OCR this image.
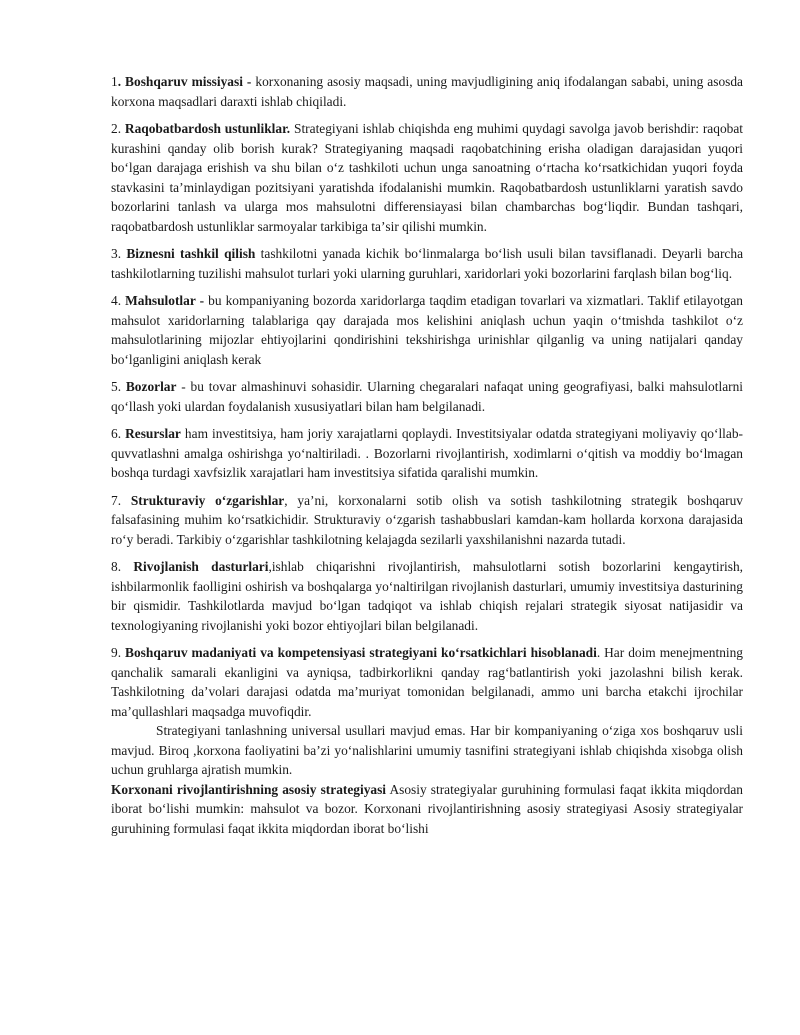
1. Boshqaruv missiyasi - korxonaning asosiy maqsadi, uning mavjudligining aniq ifodalangan sababi, uning asosda korxona maqsadlari daraxti ishlab chiqiladi.

2. Raqobatbardosh ustunliklar. Strategiyani ishlab chiqishda eng muhimi quydagi savolga javob berishdir: raqobat kurashini qanday olib borish kurak? Strategiyaning maqsadi raqobatchining erisha oladigan darajasidan yuqori boʻlgan darajaga erishish va shu bilan oʻz tashkiloti uchun unga sanoatning oʻrtacha koʻrsatkichidan yuqori foyda stavkasini taʼminlaydigan pozitsiyani yaratishda ifodalanishi mumkin. Raqobatbardosh ustunliklarni yaratish savdo bozorlarini tanlash va ularga mos mahsulotni differensiayasi bilan chambarchas bogʻliqdir. Bundan tashqari, raqobatbardosh ustunliklar sarmoyalar tarkibiga taʼsir qilishi mumkin.

3. Biznesni tashkil qilish tashkilotni yanada kichik boʻlinmalarga boʻlish usuli bilan tavsiflanadi. Deyarli barcha tashkilotlarning tuzilishi mahsulot turlari yoki ularning guruhlari, xaridorlari yoki bozorlarini farqlash bilan bogʻliq.

4. Mahsulotlar - bu kompaniyaning bozorda xaridorlarga taqdim etadigan tovarlari va xizmatlari. Taklif etilayotgan mahsulot xaridorlarning talablariga qay darajada mos kelishini aniqlash uchun yaqin oʻtmishda tashkilot oʻz mahsulotlarining mijozlar ehtiyojlarini qondirishini tekshirishga urinishlar qilganlig va uning natijalari qanday boʻlganligini aniqlash kerak

5. Bozorlar - bu tovar almashinuvi sohasidir. Ularning chegaralari nafaqat uning geografiyasi, balki mahsulotlarni qoʻllash yoki ulardan foydalanish xususiyatlari bilan ham belgilanadi.

6. Resurslar ham investitsiya, ham joriy xarajatlarni qoplaydi. Investitsiyalar odatda strategiyani moliyaviy qoʻllab-quvvatlashni amalga oshirishga yoʻnaltiriladi. . Bozorlarni rivojlantirish, xodimlarni oʻqitish va moddiy boʻlmagan boshqa turdagi xavfsizlik xarajatlari ham investitsiya sifatida qaralishi mumkin.

7. Strukturaviy oʻzgarishlar, yaʼni, korxonalarni sotib olish va sotish tashkilotning strategik boshqaruv falsafasining muhim koʻrsatkichidir. Strukturaviy oʻzgarish tashabbuslari kamdan-kam hollarda korxona darajasida roʻy beradi. Tarkibiy oʻzgarishlar tashkilotning kelajagda sezilarli yaxshilanishni nazarda tutadi.

8. Rivojlanish dasturlari,ishlab chiqarishni rivojlantirish, mahsulotlarni sotish bozorlarini kengaytirish, ishbilarmonlik faolligini oshirish va boshqalarga yoʻnaltirilgan rivojlanish dasturlari, umumiy investitsiya dasturining bir qismidir. Tashkilotlarda mavjud boʻlgan tadqiqot va ishlab chiqish rejalari strategik siyosat natijasidir va texnologiyaning rivojlanishi yoki bozor ehtiyojlari bilan belgilanadi.

9. Boshqaruv madaniyati va kompetensiyasi strategiyani koʻrsatkichlari hisoblanadi. Har doim menejmentning qanchalik samarali ekanligini va ayniqsa, tadbirkorlikni qanday ragʻbatlantirish yoki jazolashni bilish kerak. Tashkilotning daʼvolari darajasi odatda maʼmuriyat tomonidan belgilanadi, ammo uni barcha etakchi ijrochilar maʼqullashlari maqsadga muvofiqdir.

Strategiyani tanlashning universal usullari mavjud emas. Har bir kompaniyaning oʻziga xos boshqaruv usli mavjud. Biroq ,korxona faoliyatini baʼzi yoʻnalishlarini umumiy tasnifini strategiyani ishlab chiqishda xisobga olish uchun gruhlarga ajratish mumkin.

Korxonani rivojlantirishning asosiy strategiyasi Asosiy strategiyalar guruhining formulasi faqat ikkita miqdordan iborat boʻlishi mumkin: mahsulot va bozor. Korxonani rivojlantirishning asosiy strategiyasi Asosiy strategiyalar guruhining formulasi faqat ikkita miqdordan iborat boʻlishi
